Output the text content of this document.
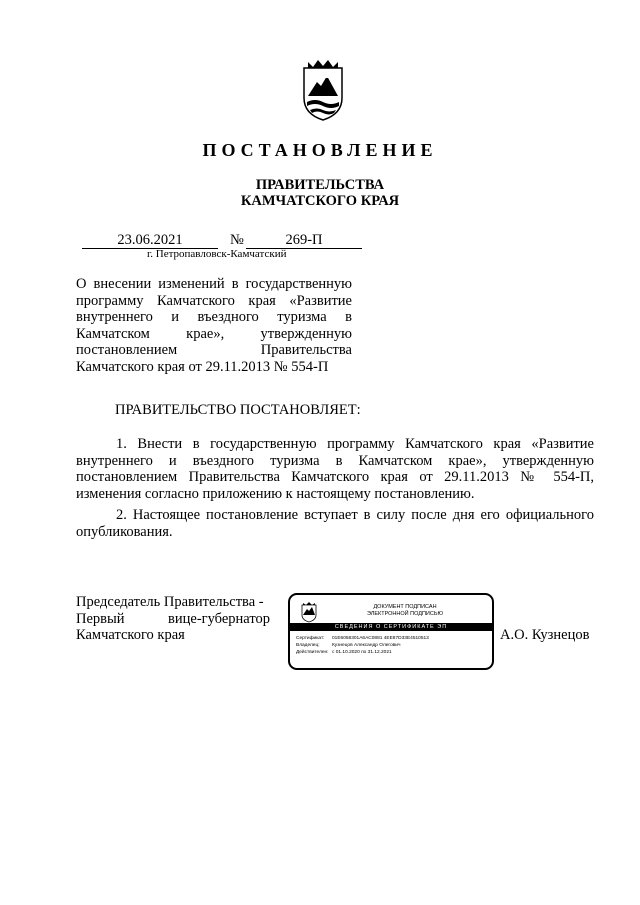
ПОСТАНОВЛЕНИЕ
ПРАВИТЕЛЬСТВА
КАМЧАТСКОГО КРАЯ
23.06.2021	№	269-П
г. Петропавловск-Камчатский
О внесении изменений в государственную
программу Камчатского края «Развитие
внутреннего и въездного туризма в
Камчатском крае», утвержденную
постановлением Правительства
Камчатского края от 29.11.2013 № 554-П
ПРАВИТЕЛЬСТВО ПОСТАНОВЛЯЕТ:
1. Внести в государственную программу Камчатского края «Развитие внутреннего и въездного туризма в Камчатском крае», утвержденную постановлением Правительства Камчатского края от 29.11.2013 № 554-П, изменения согласно приложению к настоящему постановлению.
2. Настоящее постановление вступает в силу после дня его официального опубликования.
Председатель Правительства -
Первый вице-губернатор
Камчатского края
ДОКУМЕНТ ПОДПИСАН
ЭЛЕКТРОННОЙ ПОДПИСЬЮ
СВЕДЕНИЯ О СЕРТИФИКАТЕ ЭП
Сертификат: 01E6058301A6AC0881 4EE87D33E4510513
Владелец:	Кузнецов Александр Олегович
Действителен: с 01.10.2020 по 31.12.2021
А.О. Кузнецов
